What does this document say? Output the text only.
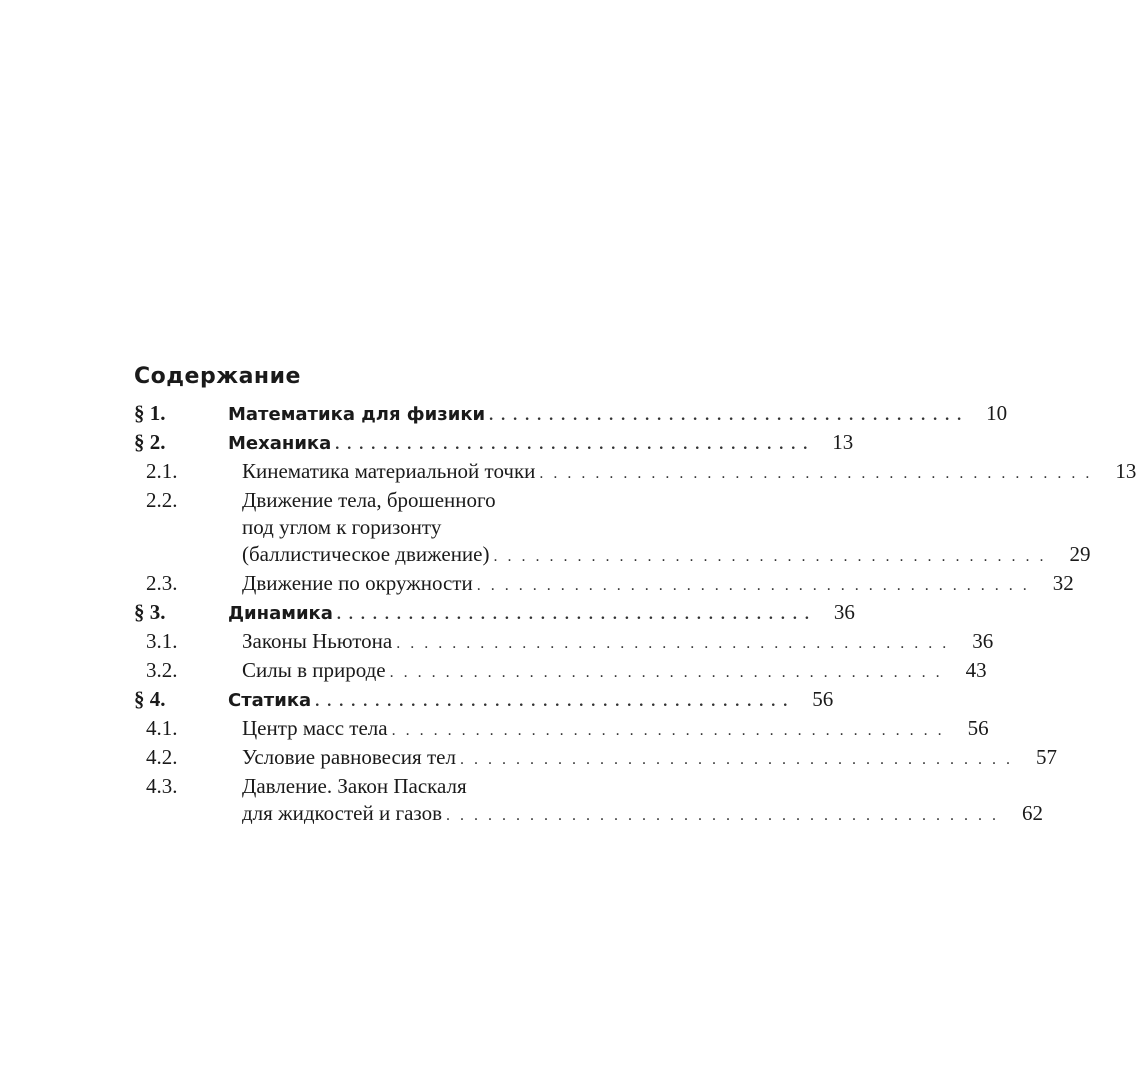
Содержание
§ 1.	Математика для физики . . . . . . . . . . . . . . . . . . . . . . . . . . . . . . . . . . . . . . . .	10
§ 2.	Механика . . . . . . . . . . . . . . . . . . . . . . . . . . . . . . . . . . . . . . . .	13
2.1.	Кинематика материальной точки . . . . . . . . . . . . . . . . . . . . . . . . . . . . . . . . . . . . . . . .	13
2.2.	Движение тела, брошенного
под углом к горизонту
(баллистическое движение) . . . . . . . . . . . . . . . . . . . . . . . . . . . . . . . . . . . . . . . .	29
2.3.	Движение по окружности . . . . . . . . . . . . . . . . . . . . . . . . . . . . . . . . . . . . . . . .	32
§ 3.	Динамика . . . . . . . . . . . . . . . . . . . . . . . . . . . . . . . . . . . . . . . .	36
3.1.	Законы Ньютона . . . . . . . . . . . . . . . . . . . . . . . . . . . . . . . . . . . . . . . .	36
3.2.	Силы в природе . . . . . . . . . . . . . . . . . . . . . . . . . . . . . . . . . . . . . . . .	43
§ 4.	Статика . . . . . . . . . . . . . . . . . . . . . . . . . . . . . . . . . . . . . . . .	56
4.1.	Центр масс тела . . . . . . . . . . . . . . . . . . . . . . . . . . . . . . . . . . . . . . . .	56
4.2.	Условие равновесия тел . . . . . . . . . . . . . . . . . . . . . . . . . . . . . . . . . . . . . . . .	57
4.3.	Давление. Закон Паскаля
для жидкостей и газов . . . . . . . . . . . . . . . . . . . . . . . . . . . . . . . . . . . . . . . .	62
